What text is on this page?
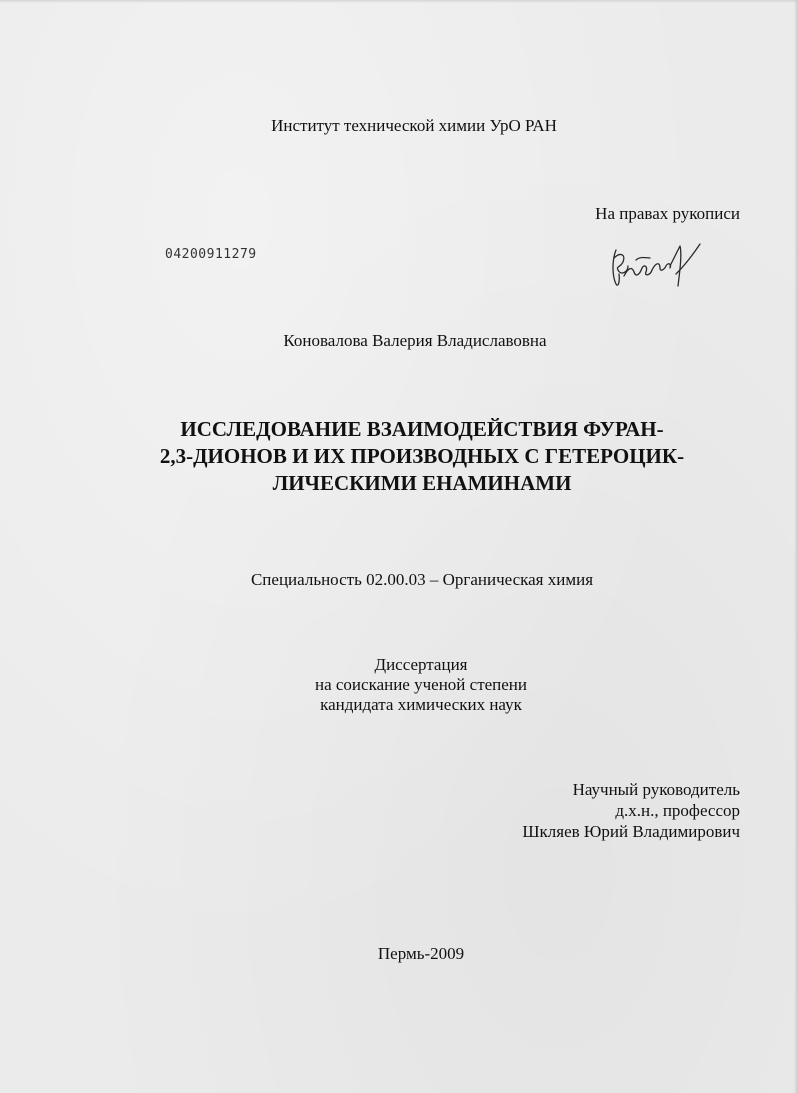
Институт технической химии УрО РАН
На правах рукописи
04200911279
Коновалова Валерия Владиславовна
ИССЛЕДОВАНИЕ ВЗАИМОДЕЙСТВИЯ ФУРАН-
2,3-ДИОНОВ И ИХ ПРОИЗВОДНЫХ С ГЕТЕРОЦИК-
ЛИЧЕСКИМИ ЕНАМИНАМИ
Специальность 02.00.03 – Органическая химия
Диссертация
на соискание ученой степени
кандидата химических наук
Научный руководитель
д.х.н., профессор
Шкляев Юрий Владимирович
Пермь-2009
